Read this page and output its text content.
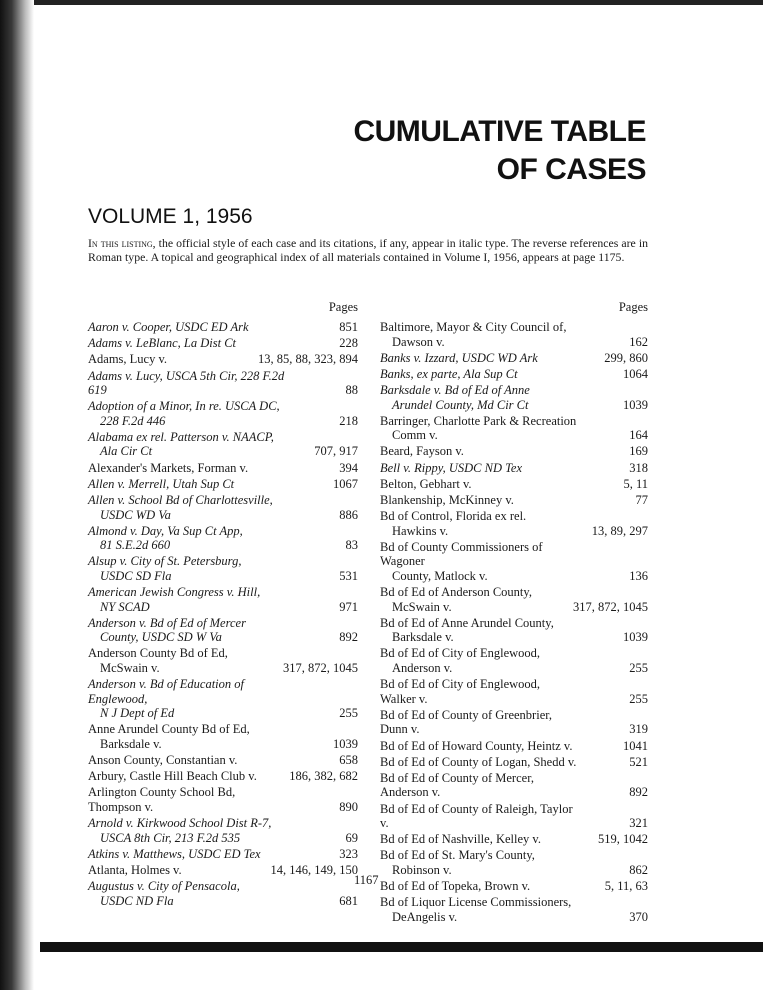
CUMULATIVE TABLE
OF CASES
VOLUME 1, 1956
In this listing, the official style of each case and its citations, if any, appear in italic type. The reverse references are in Roman type. A topical and geographical index of all materials contained in Volume I, 1956, appears at page 1175.
Pages
Aaron v. Cooper, USDC ED Ark	851
Adams v. LeBlanc, La Dist Ct	228
Adams, Lucy v.	13, 85, 88, 323, 894
Adams v. Lucy, USCA 5th Cir, 228 F.2d 619	88
Adoption of a Minor, In re. USCA DC,
228 F.2d 446	218
Alabama ex rel. Patterson v. NAACP,
Ala Cir Ct	707, 917
Alexander's Markets, Forman v.	394
Allen v. Merrell, Utah Sup Ct	1067
Allen v. School Bd of Charlottesville,
USDC WD Va	886
Almond v. Day, Va Sup Ct App,
81 S.E.2d 660	83
Alsup v. City of St. Petersburg,
USDC SD Fla	531
American Jewish Congress v. Hill,
NY SCAD	971
Anderson v. Bd of Ed of Mercer
County, USDC SD W Va	892
Anderson County Bd of Ed,
McSwain v.	317, 872, 1045
Anderson v. Bd of Education of Englewood,
N J Dept of Ed	255
Anne Arundel County Bd of Ed,
Barksdale v.	1039
Anson County, Constantian v.	658
Arbury, Castle Hill Beach Club v.	186, 382, 682
Arlington County School Bd, Thompson v.	890
Arnold v. Kirkwood School Dist R-7,
USCA 8th Cir, 213 F.2d 535	69
Atkins v. Matthews, USDC ED Tex	323
Atlanta, Holmes v.	14, 146, 149, 150
Augustus v. City of Pensacola,
USDC ND Fla	681
Pages
Baltimore, Mayor & City Council of,
Dawson v.	162
Banks v. Izzard, USDC WD Ark	299, 860
Banks, ex parte, Ala Sup Ct	1064
Barksdale v. Bd of Ed of Anne
Arundel County, Md Cir Ct	1039
Barringer, Charlotte Park & Recreation
Comm v.	164
Beard, Fayson v.	169
Bell v. Rippy, USDC ND Tex	318
Belton, Gebhart v.	5, 11
Blankenship, McKinney v.	77
Bd of Control, Florida ex rel.
Hawkins v.	13, 89, 297
Bd of County Commissioners of Wagoner
County, Matlock v.	136
Bd of Ed of Anderson County,
McSwain v.	317, 872, 1045
Bd of Ed of Anne Arundel County,
Barksdale v.	1039
Bd of Ed of City of Englewood,
Anderson v.	255
Bd of Ed of City of Englewood, Walker v.	255
Bd of Ed of County of Greenbrier, Dunn v.	319
Bd of Ed of Howard County, Heintz v.	1041
Bd of Ed of County of Logan, Shedd v.	521
Bd of Ed of County of Mercer, Anderson v.	892
Bd of Ed of County of Raleigh, Taylor v.	321
Bd of Ed of Nashville, Kelley v.	519, 1042
Bd of Ed of St. Mary's County,
Robinson v.	862
Bd of Ed of Topeka, Brown v.	5, 11, 63
Bd of Liquor License Commissioners,
DeAngelis v.	370
1167
